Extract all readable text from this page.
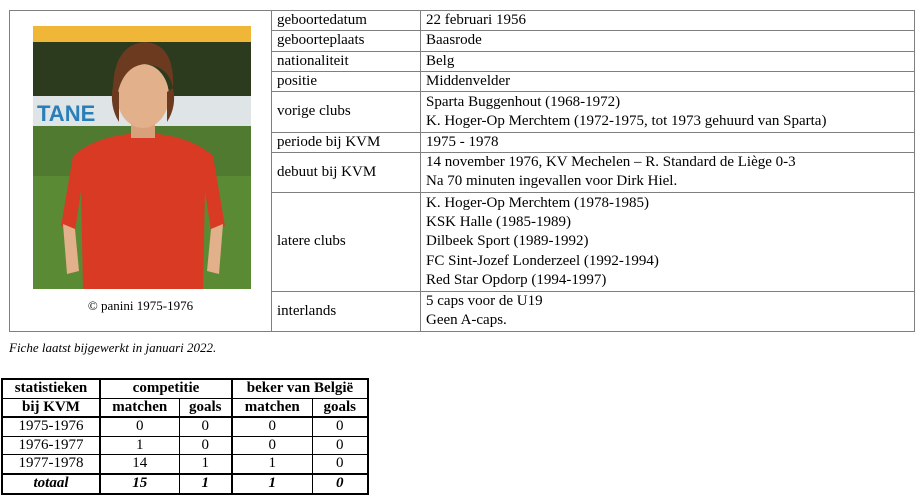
TANE
© panini 1975-1976	geboortedatum	22 februari 1956

	geboorteplaats	Baasrode

	nationaliteit	Belg

	positie	Middenvelder

	vorige clubs	Sparta Buggenhout (1968-1972)
K. Hoger-Op Merchtem (1972-1975, tot 1973 gehuurd van Sparta)

	periode bij KVM	1975 - 1978

	debuut bij KVM	14 november 1976, KV Mechelen – R. Standard de Liège 0-3
Na 70 minuten ingevallen voor Dirk Hiel.

	latere clubs	K. Hoger-Op Merchtem (1978-1985)
KSK Halle (1985-1989)
Dilbeek Sport (1989-1992)
FC Sint-Jozef Londerzeel (1992-1994)
Red Star Opdorp (1994-1997)

	interlands	5 caps voor de U19
Geen A-caps.
Fiche laatst bijgewerkt in januari 2022.
statistieken	competitie		beker van België	
bij KVM	matchen	goals	matchen	goals
1975-1976	0	0	0	0
1976-1977	1	0	0	0
1977-1978	14	1	1	0
totaal	15	1	1	0
